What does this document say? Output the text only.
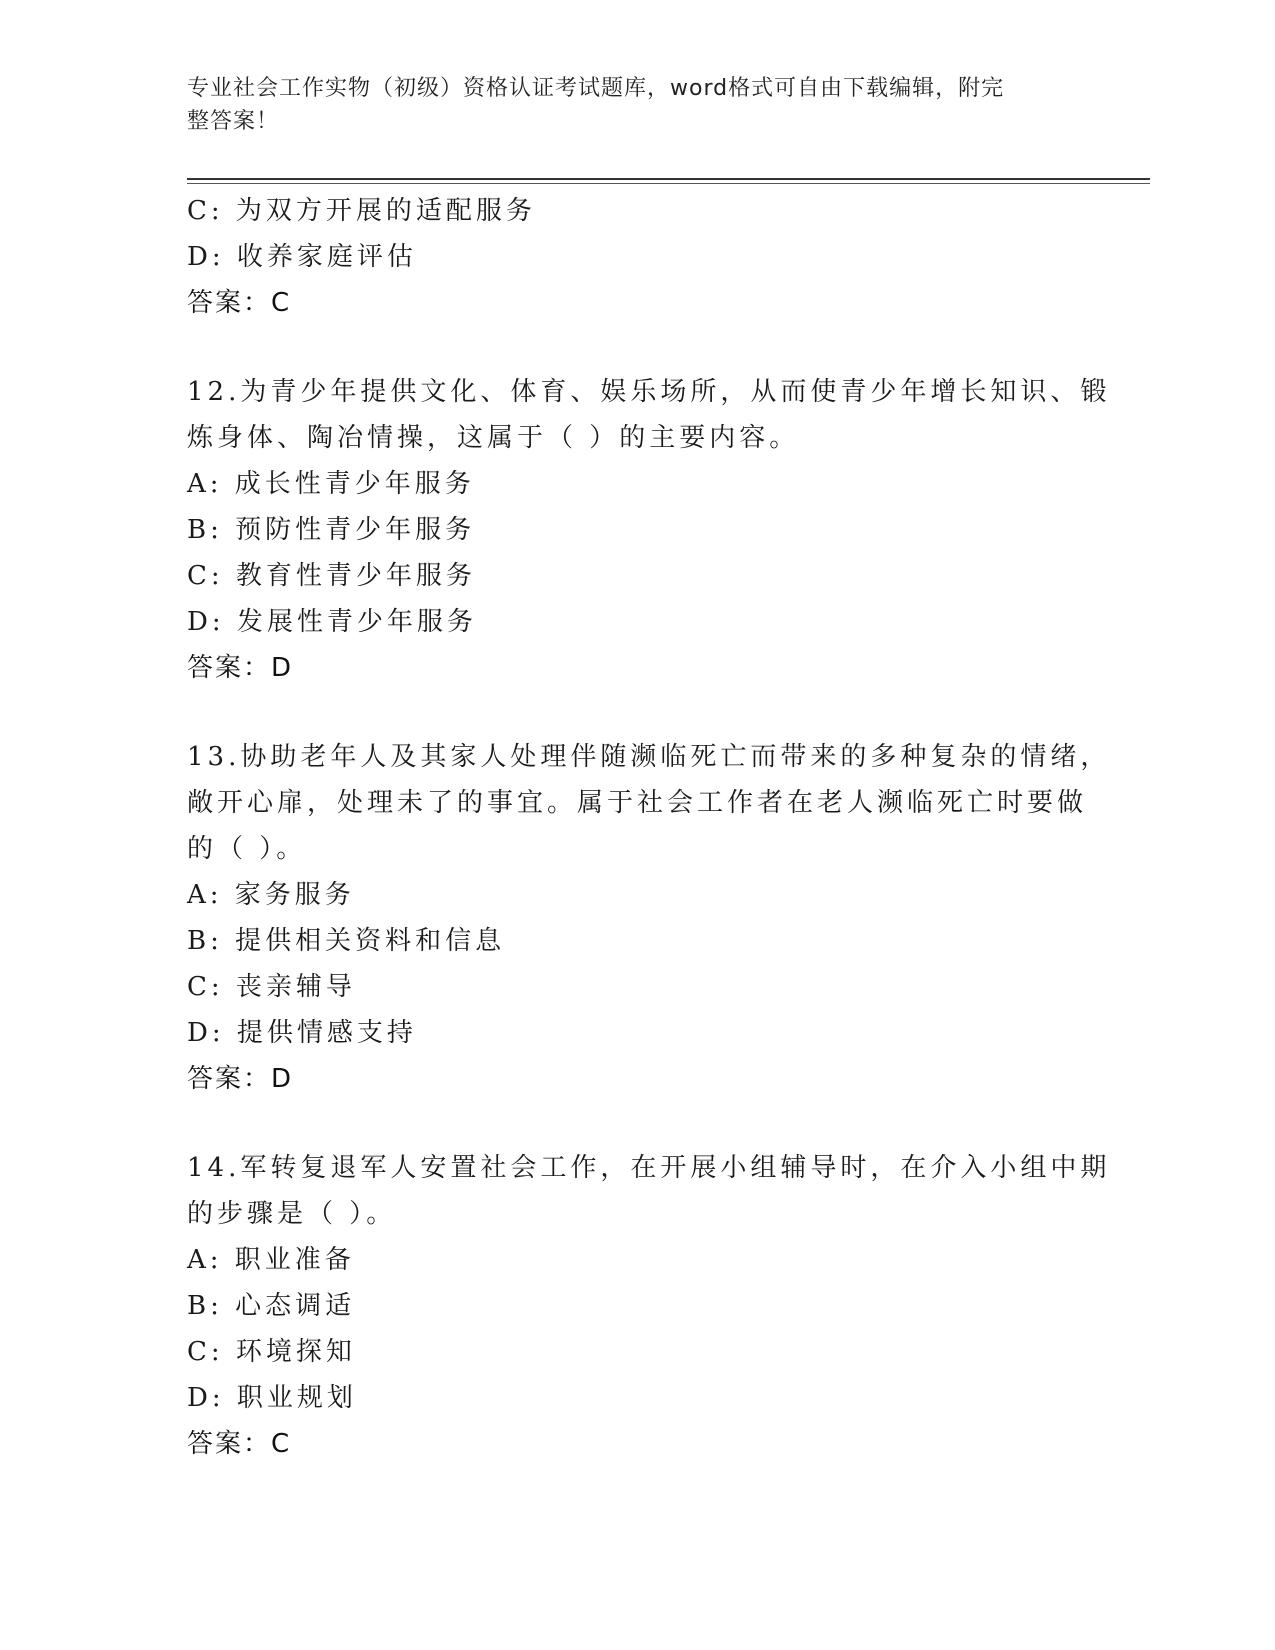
专业社会工作实物（初级）资格认证考试题库，word格式可自由下载编辑，附完
整答案！
C: 为双方开展的适配服务
D: 收养家庭评估
答案：C
12.为青少年提供文化、体育、娱乐场所，从而使青少年增长知识、锻
炼身体、陶冶情操，这属于（ ）的主要内容。
A: 成长性青少年服务
B: 预防性青少年服务
C: 教育性青少年服务
D: 发展性青少年服务
答案：D
13.协助老年人及其家人处理伴随濒临死亡而带来的多种复杂的情绪，
敞开心扉，处理未了的事宜。属于社会工作者在老人濒临死亡时要做
的（ ）。
A: 家务服务
B: 提供相关资料和信息
C: 丧亲辅导
D: 提供情感支持
答案：D
14.军转复退军人安置社会工作，在开展小组辅导时，在介入小组中期
的步骤是（ ）。
A: 职业准备
B: 心态调适
C: 环境探知
D: 职业规划
答案：C
